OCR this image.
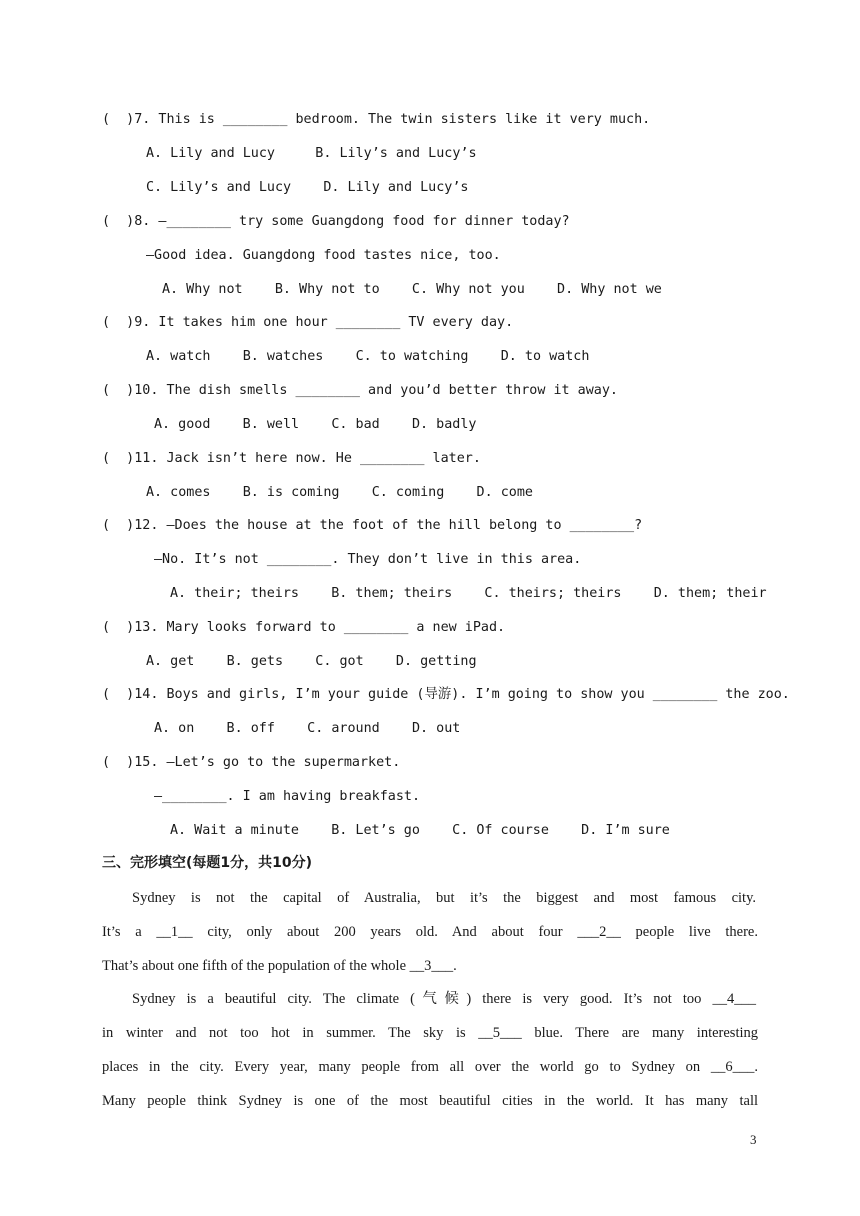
(  )7. This is ________ bedroom. The twin sisters like it very much.
A. Lily and Lucy     B. Lily’s and Lucy’s
C. Lily’s and Lucy    D. Lily and Lucy’s
(  )8. —________ try some Guangdong food for dinner today?
—Good idea. Guangdong food tastes nice, too.
A. Why not    B. Why not to    C. Why not you    D. Why not we
(  )9. It takes him one hour ________ TV every day.
A. watch    B. watches    C. to watching    D. to watch
(  )10. The dish smells ________ and you’d better throw it away.
A. good    B. well    C. bad    D. badly
(  )11. Jack isn’t here now. He ________ later.
A. comes    B. is coming    C. coming    D. come
(  )12. —Does the house at the foot of the hill belong to ________?
—No. It’s not ________. They don’t live in this area.
A. their; theirs    B. them; theirs    C. theirs; theirs    D. them; their
(  )13. Mary looks forward to ________ a new iPad.
A. get    B. gets    C. got    D. getting
(  )14. Boys and girls, I’m your guide (导游). I’m going to show you ________ the zoo.
A. on    B. off    C. around    D. out
(  )15. —Let’s go to the supermarket.
—________. I am having breakfast.
A. Wait a minute    B. Let’s go    C. Of course    D. I’m sure
三、完形填空(每题1分，共10分)
Sydney is not the capital of Australia, but it’s the biggest and most famous city.
It’s a __1__ city, only about 200 years old. And about four ___2__ people live there.
That’s about one fifth of the population of the whole __3___.
Sydney is a beautiful city. The climate (气候) there is very good. It’s not too __4___
in winter and not too hot in summer. The sky is __5___ blue. There are many interesting
places in the city. Every year, many people from all over the world go to Sydney on __6___.
Many people think Sydney is one of the most beautiful cities in the world. It has many tall
3
